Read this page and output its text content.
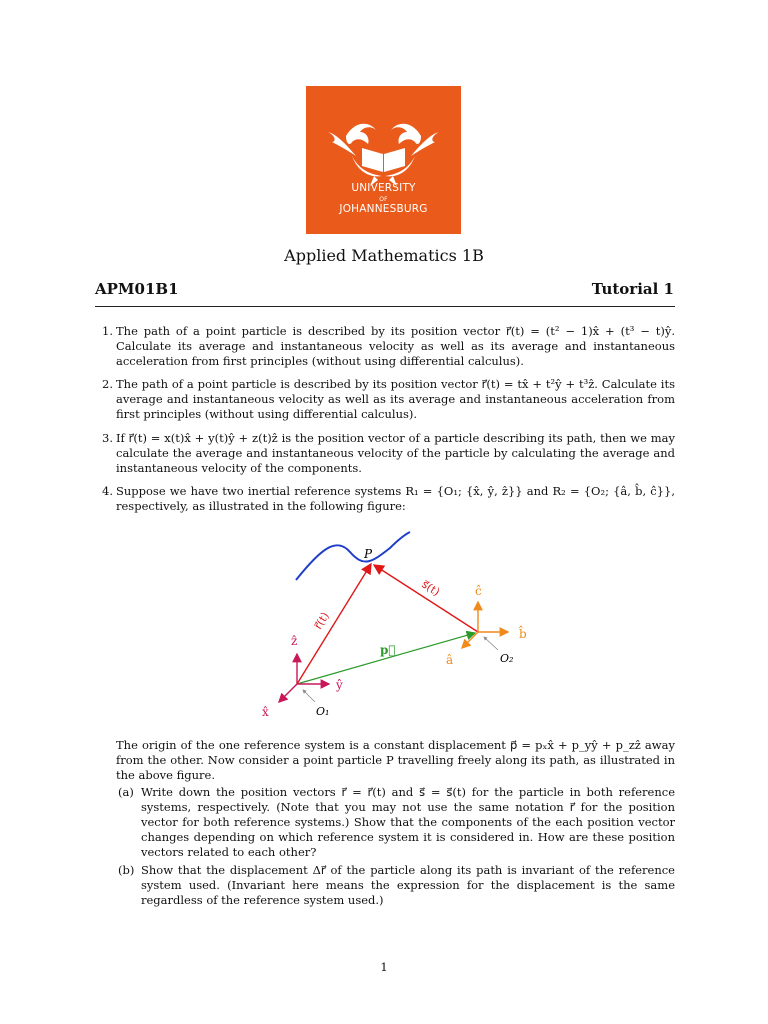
UNIVERSITY
OF
JOHANNESBURG
Applied Mathematics 1B
APM01B1	Tutorial 1
1. The path of a point particle is described by its position vector r⃗(t) = (t² − 1)x̂ + (t³ − t)ŷ. Calculate its average and instantaneous velocity as well as its average and instantaneous acceleration from first principles (without using differential calculus).
2. The path of a point particle is described by its position vector r⃗(t) = tx̂ + t²ŷ + t³ẑ. Calculate its average and instantaneous velocity as well as its average and instantaneous acceleration from first principles (without using differential calculus).
3. If r⃗(t) = x(t)x̂ + y(t)ŷ + z(t)ẑ is the position vector of a particle describing its path, then we may calculate the average and instantaneous velocity of the particle by calculating the average and instantaneous velocity of the components.
4. Suppose we have two inertial reference systems R₁ = {O₁; {x̂, ŷ, ẑ}} and R₂ = {O₂; {â, b̂, ĉ}}, respectively, as illustrated in the following figure:
P
r⃗(t)
s⃗(t)
p⃗
ĉ
b̂
â	O₂
ẑ
ŷ
x̂	O₁
The origin of the one reference system is a constant displacement p⃗ = pₓx̂ + p_yŷ + p_zẑ away from the other. Now consider a point particle P travelling freely along its path, as illustrated in the above figure.
(a) Write down the position vectors r⃗ = r⃗(t) and s⃗ = s⃗(t) for the particle in both reference systems, respectively. (Note that you may not use the same notation r⃗ for the position vector for both reference systems.) Show that the components of the each position vector changes depending on which reference system it is considered in. How are these position vectors related to each other?
(b) Show that the displacement Δr⃗ of the particle along its path is invariant of the reference system used. (Invariant here means the expression for the displacement is the same regardless of the reference system used.)
1
